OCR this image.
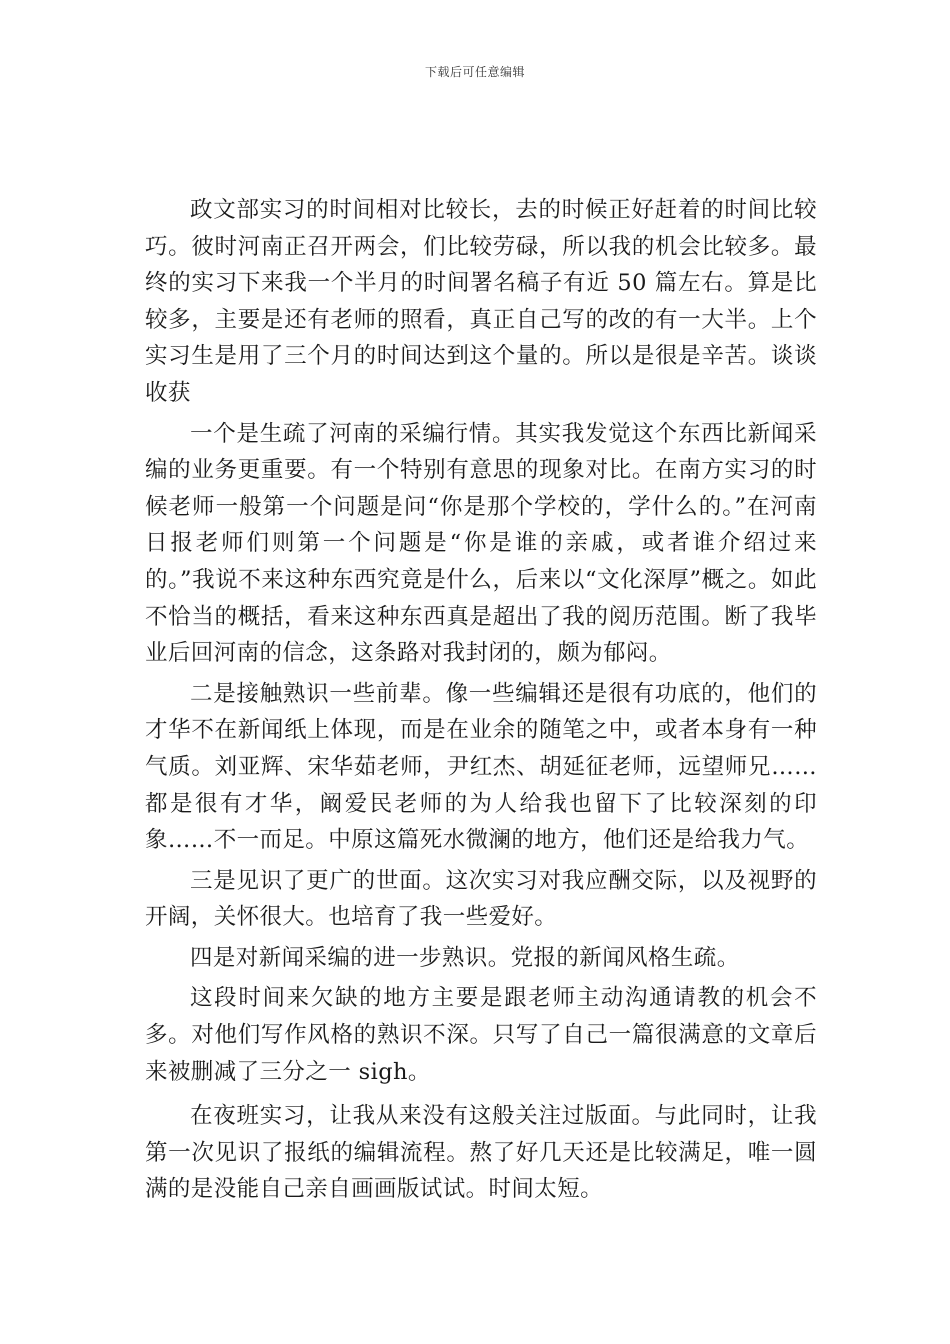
下载后可任意编辑

政文部实习的时间相对比较长，去的时候正好赶着的时间比较巧。彼时河南正召开两会，们比较劳碌，所以我的机会比较多。最终的实习下来我一个半月的时间署名稿子有近 50 篇左右。算是比较多，主要是还有老师的照看，真正自己写的改的有一大半。上个实习生是用了三个月的时间达到这个量的。所以是很是辛苦。谈谈收获

一个是生疏了河南的采编行情。其实我发觉这个东西比新闻采编的业务更重要。有一个特别有意思的现象对比。在南方实习的时候老师一般第一个问题是问“你是那个学校的，学什么的。”在河南日报老师们则第一个问题是“你是谁的亲戚，或者谁介绍过来的。”我说不来这种东西究竟是什么，后来以“文化深厚”概之。如此不恰当的概括，看来这种东西真是超出了我的阅历范围。断了我毕业后回河南的信念，这条路对我封闭的，颇为郁闷。

二是接触熟识一些前辈。像一些编辑还是很有功底的，他们的才华不在新闻纸上体现，而是在业余的随笔之中，或者本身有一种气质。刘亚辉、宋华茹老师，尹红杰、胡延征老师，远望师兄……都是很有才华，阚爱民老师的为人给我也留下了比较深刻的印象……不一而足。中原这篇死水微澜的地方，他们还是给我力气。

三是见识了更广的世面。这次实习对我应酬交际，以及视野的开阔，关怀很大。也培育了我一些爱好。

四是对新闻采编的进一步熟识。党报的新闻风格生疏。

这段时间来欠缺的地方主要是跟老师主动沟通请教的机会不多。对他们写作风格的熟识不深。只写了自己一篇很满意的文章后来被删减了三分之一 sigh。

在夜班实习，让我从来没有这般关注过版面。与此同时，让我第一次见识了报纸的编辑流程。熬了好几天还是比较满足，唯一圆满的是没能自己亲自画画版试试。时间太短。
